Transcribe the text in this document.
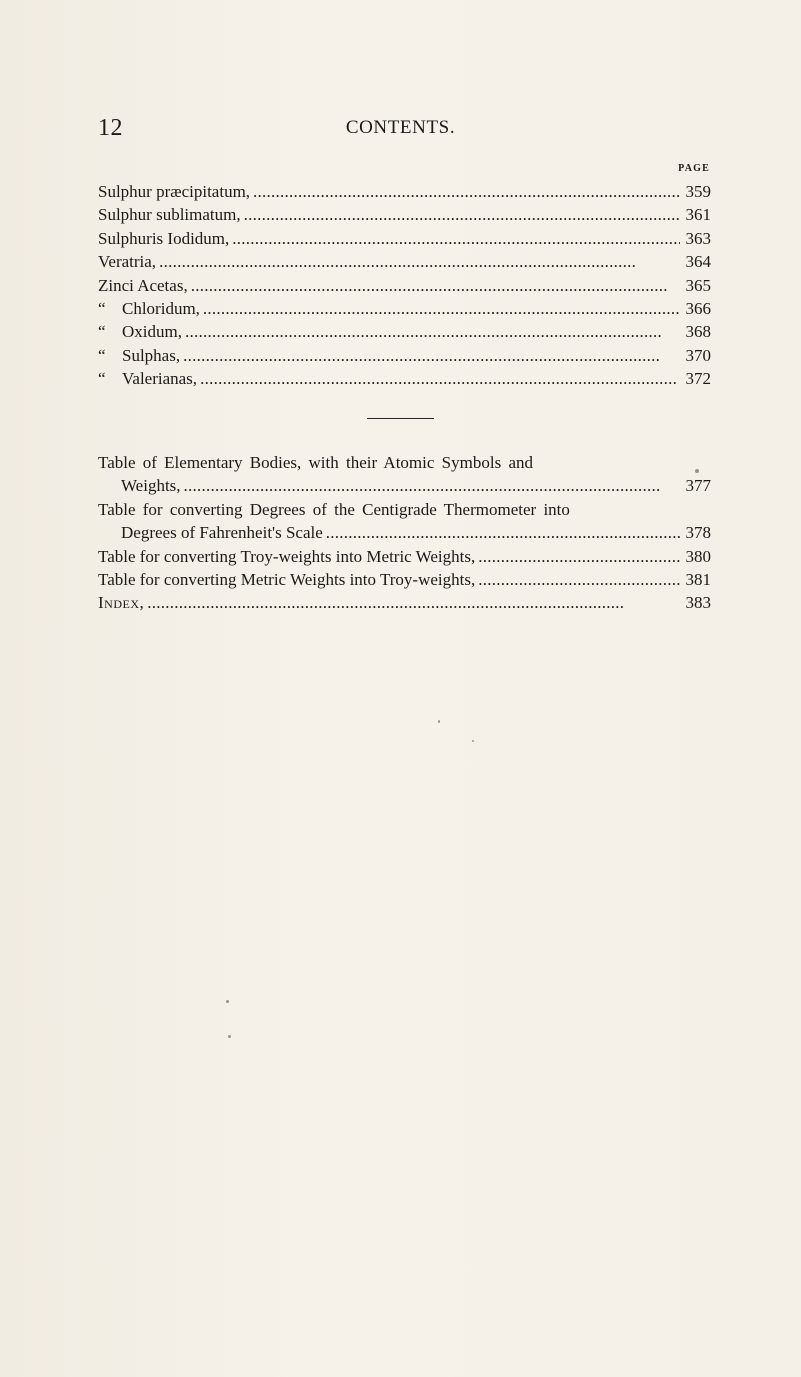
12	CONTENTS.
PAGE
Sulphur præcipitatum, . . .	359
Sulphur sublimatum, . . .	361
Sulphuris Iodidum, . . .	363
Veratria, . . .	364
Zinci Acetas, . . .	365
“ Chloridum, . . .	366
“ Oxidum, . . .	368
“ Sulphas, . . .	370
“ Valerianas, . . .	372
Table of Elementary Bodies, with their Atomic Symbols and
Weights, . . .	377
Table for converting Degrees of the Centigrade Thermometer into
Degrees of Fahrenheit's Scale . . .	378
Table for converting Troy-weights into Metric Weights, . . .	380
Table for converting Metric Weights into Troy-weights, . . .	381
Index, . . .	383
